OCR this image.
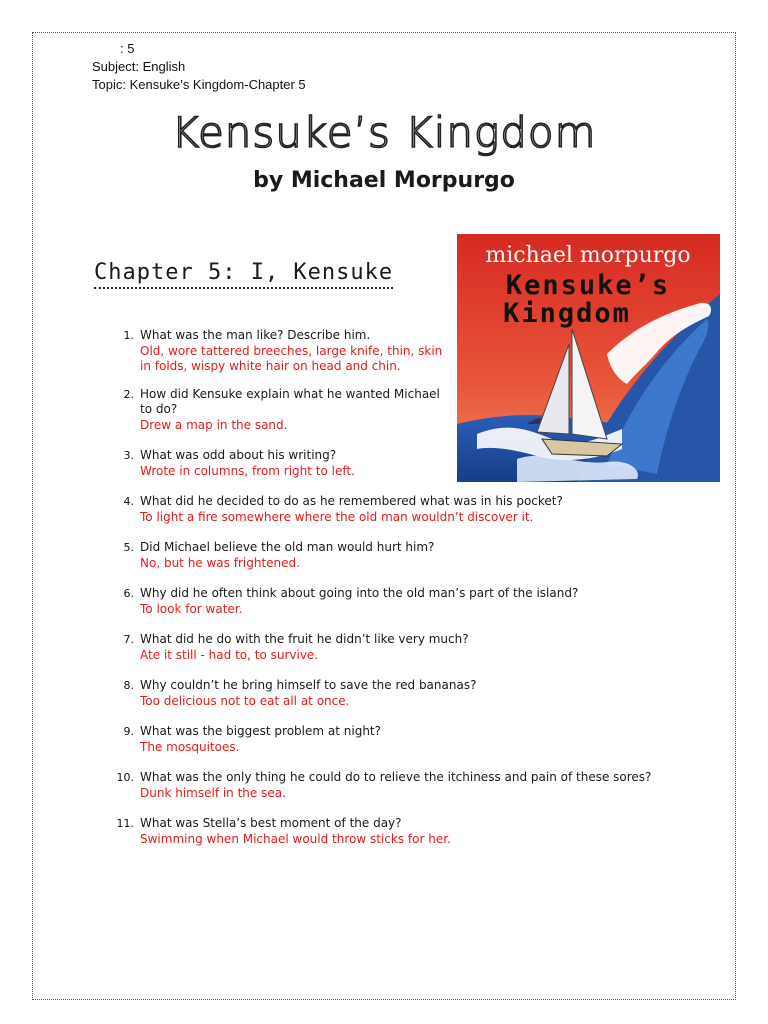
: 5
Subject: English
Topic: Kensuke’s Kingdom-Chapter 5
Kensuke’s Kingdom
by Michael Morpurgo
Chapter 5: I, Kensuke
michael morpurgo
Kensuke’s
Kingdom
1. What was the man like? Describe him.
Old, wore tattered breeches, large knife, thin, skin in folds, wispy white hair on head and chin.
2. How did Kensuke explain what he wanted Michael to do?
Drew a map in the sand.
3. What was odd about his writing?
Wrote in columns, from right to left.
4. What did he decided to do as he remembered what was in his pocket?
To light a fire somewhere where the old man wouldn’t discover it.
5. Did Michael believe the old man would hurt him?
No, but he was frightened.
6. Why did he often think about going into the old man’s part of the island?
To look for water.
7. What did he do with the fruit he didn’t like very much?
Ate it still - had to, to survive.
8. Why couldn’t he bring himself to save the red bananas?
Too delicious not to eat all at once.
9. What was the biggest problem at night?
The mosquitoes.
10. What was the only thing he could do to relieve the itchiness and pain of these sores?
Dunk himself in the sea.
11. What was Stella’s best moment of the day?
Swimming when Michael would throw sticks for her.
